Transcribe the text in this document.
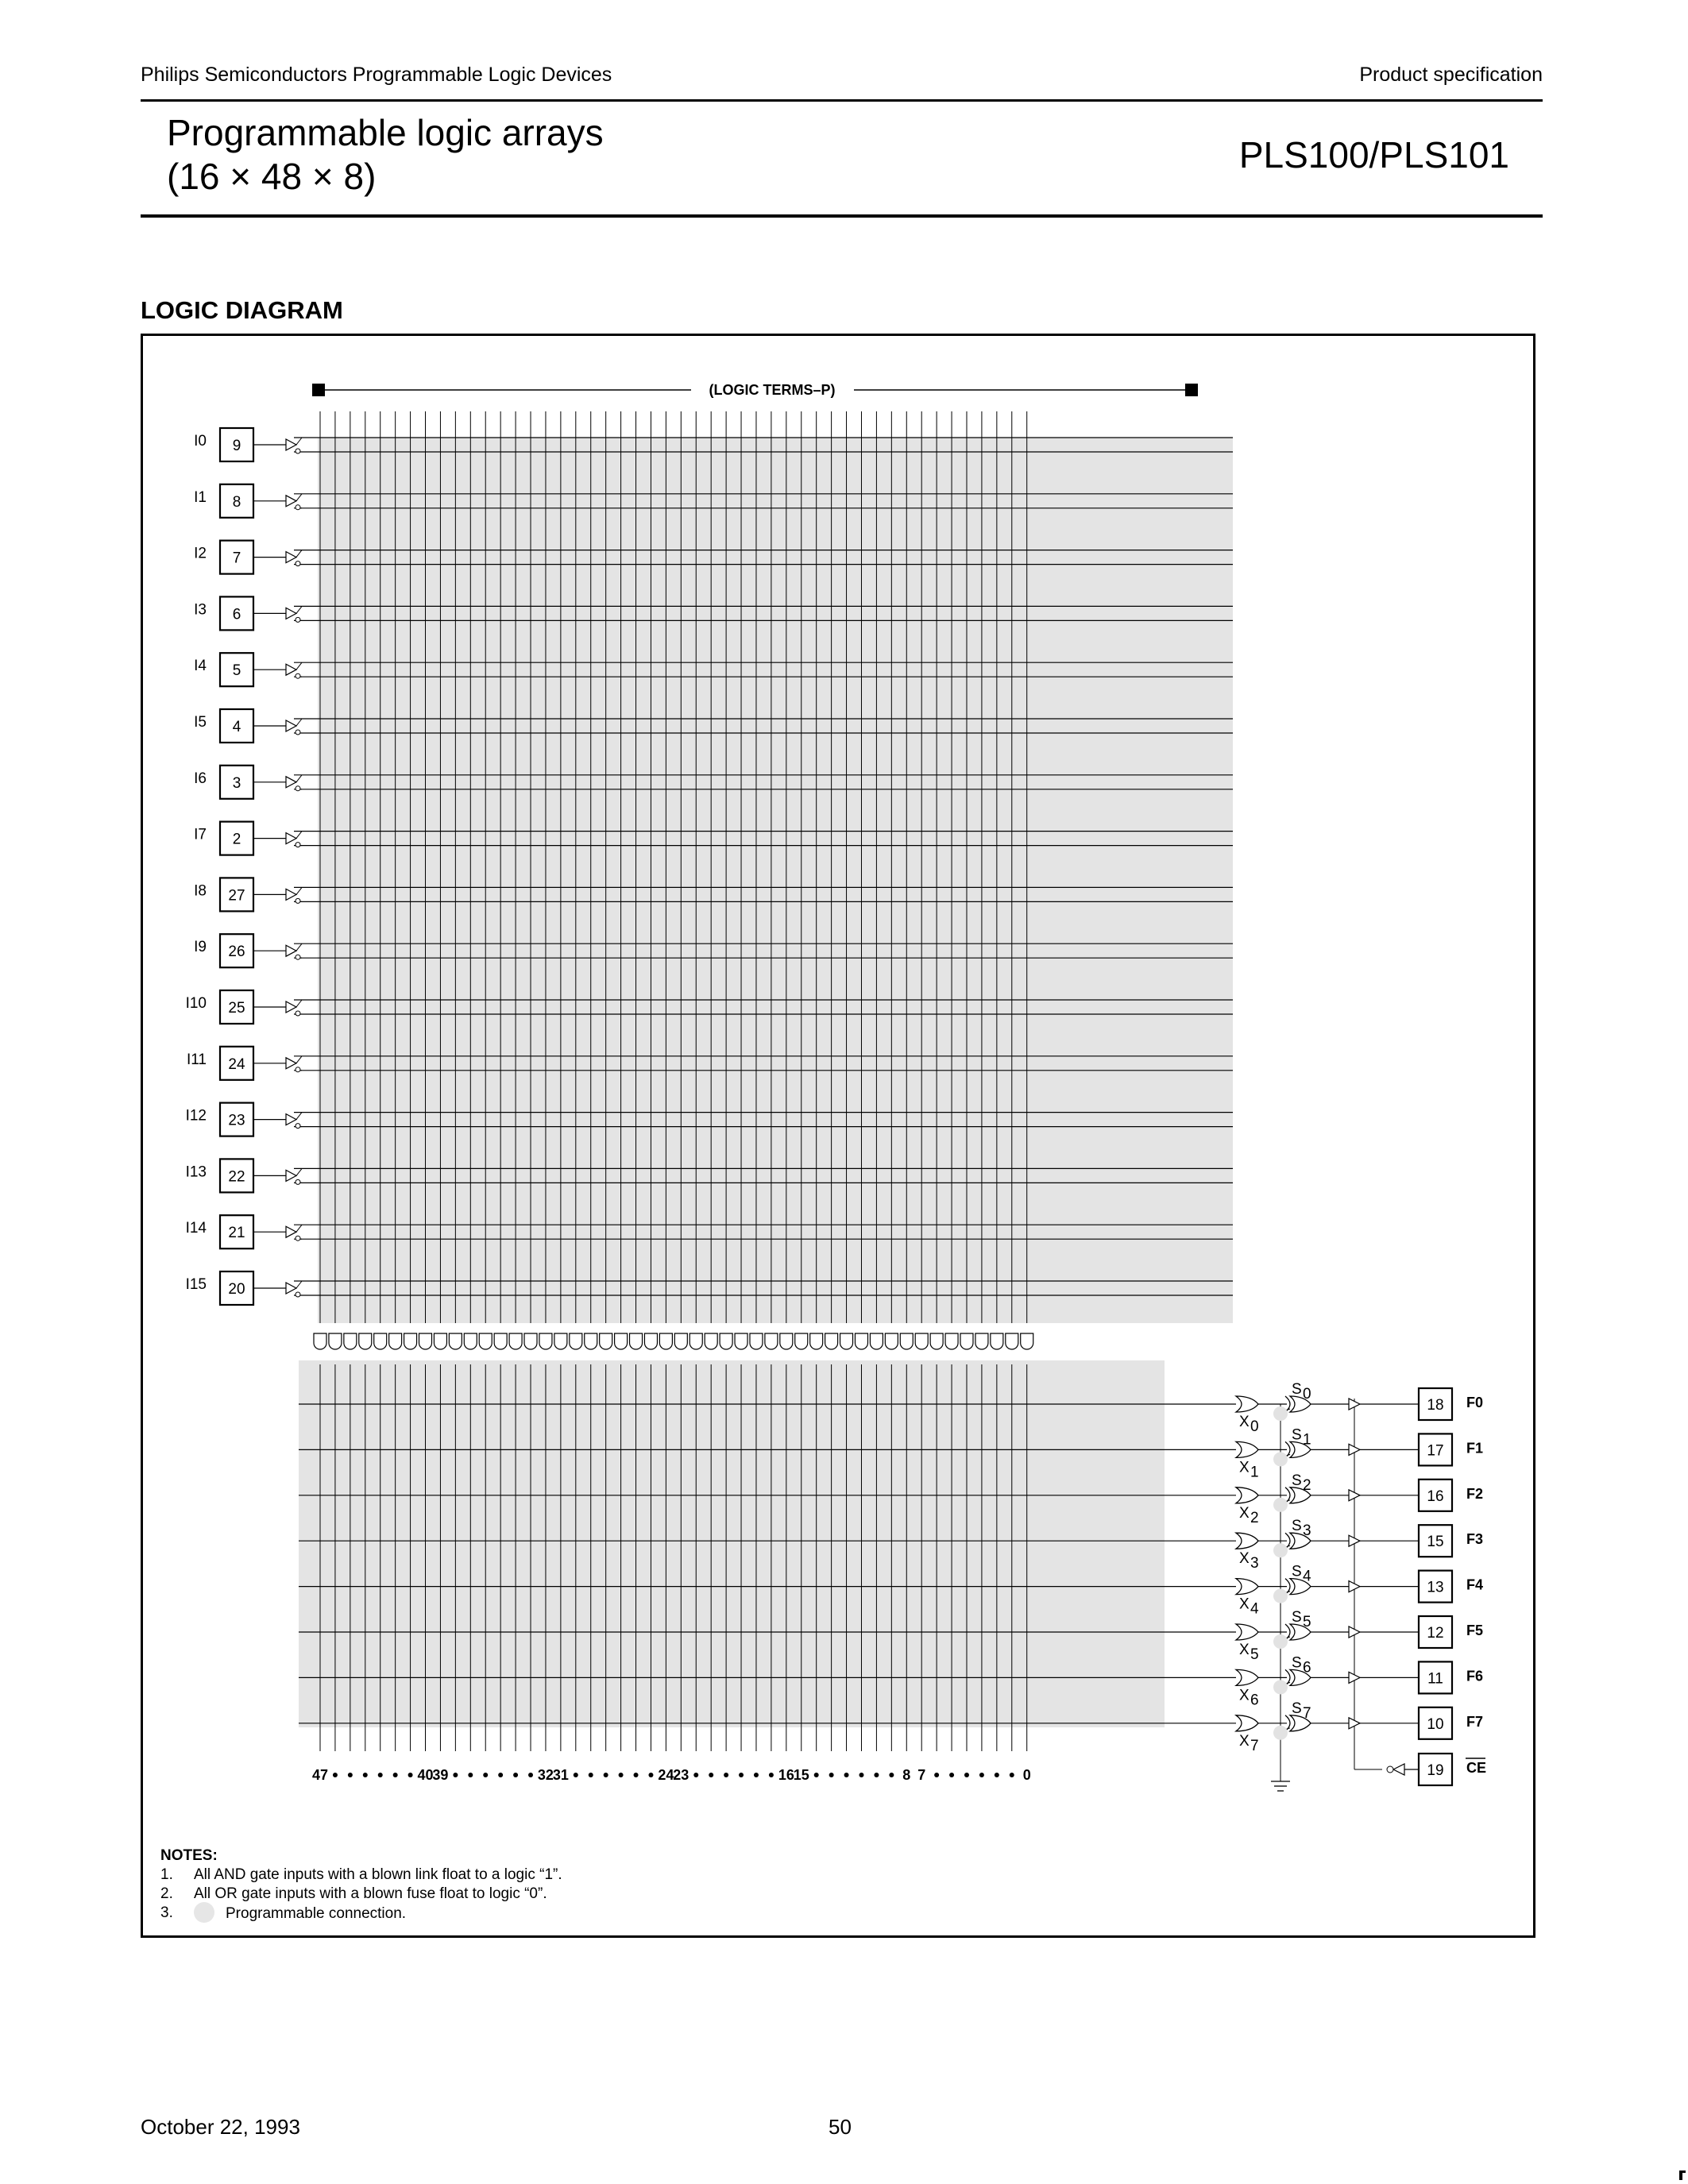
Philips Semiconductors Programmable Logic Devices	Product specification
Programmable logic arrays
(16 × 48 × 8)
PLS100/PLS101
LOGIC DIAGRAM
(LOGIC TERMS–P)
9
I0
8
I1
7
I2
6
I3
5
I4
4
I5
3
I6
2
I7
27
I8
26
I9
25
I10
24
I11
23
I12
22
I13
21
I14
20
I15
X 0
S 0
18 F0
X 1
S 1
17 F1
X 2
S 2
16 F2
X 3
S 3
15 F3
X 4
S 4
13 F4
X 5
S 5
12 F5
X 6
S 6
11 F6
X 7
S 7
10 F7
19 CE
47	40
39	32
31	24
23	16
15	8 7	0
NOTES:
1.	All AND gate inputs with a blown link float to a logic “1”.
2.	All OR gate inputs with a blown fuse float to logic “0”.
3.	Programmable connection.
October 22, 1993	50
